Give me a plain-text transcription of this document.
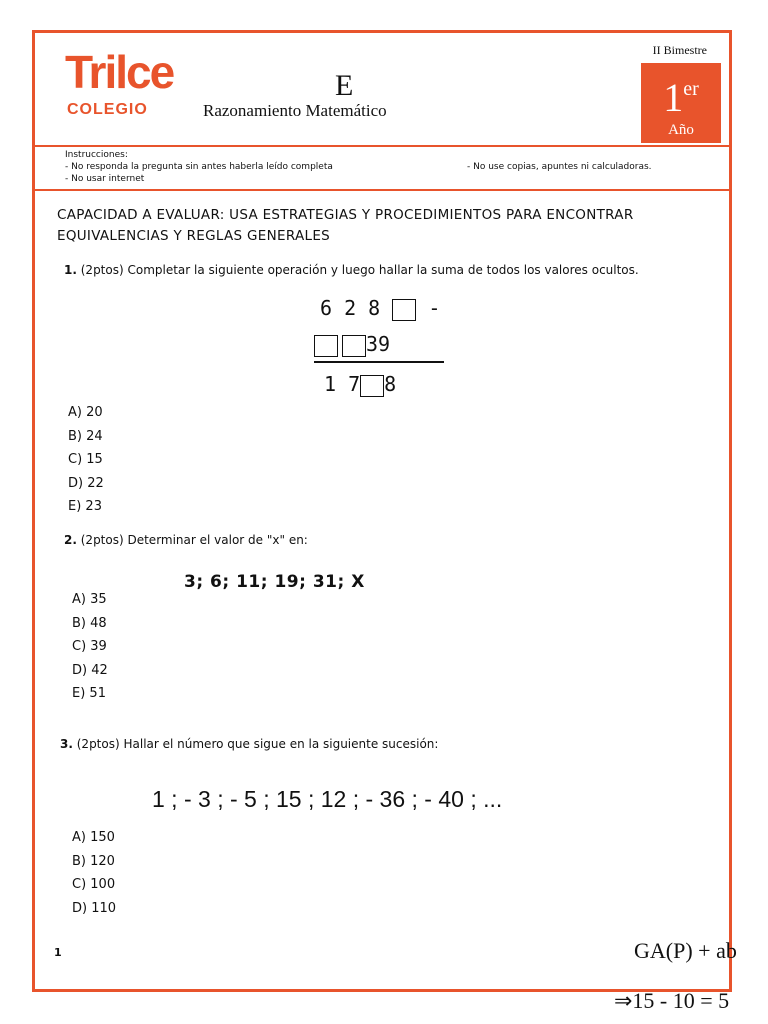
Trilce
COLEGIO
E
Razonamiento Matemático
II Bimestre
1er
Año
Instrucciones:
- No responda la pregunta sin antes haberla leído completa
- No usar internet
- No use copias, apuntes ni calculadoras.
CAPACIDAD A EVALUAR: USA ESTRATEGIAS Y PROCEDIMIENTOS PARA ENCONTRAR EQUIVALENCIAS Y REGLAS GENERALES
1. (2ptos) Completar la siguiente operación y luego hallar la suma de todos los valores ocultos.
6 2 8 -
39
1 7 8
A) 20
B) 24
C) 15
D) 22
E) 23
2. (2ptos) Determinar el valor de "x" en:
3; 6; 11; 19; 31; X
A) 35
B) 48
C) 39
D) 42
E) 51
3. (2ptos) Hallar el número que sigue en la siguiente sucesión:
1 ; - 3 ; - 5 ; 15 ; 12 ; - 36 ; - 40 ; ...
A) 150
B) 120
C) 100
D) 110
1	GA(P) + ab
⇒15 - 10 = 5
